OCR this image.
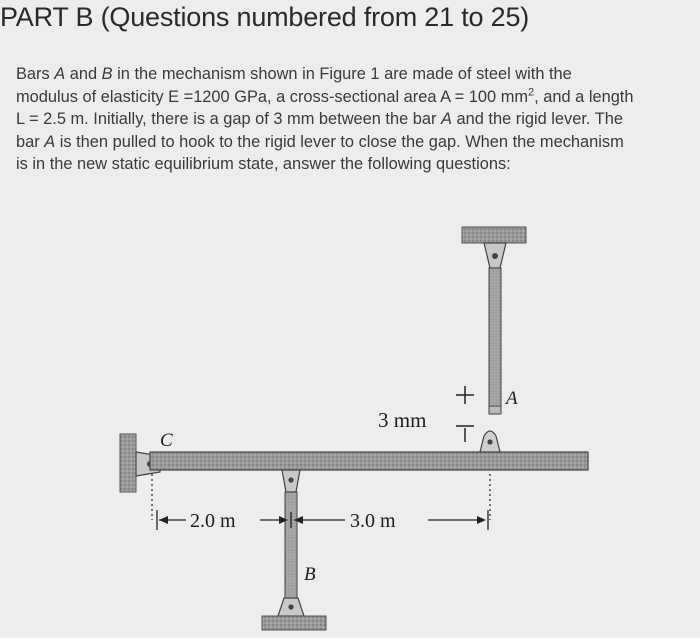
PART B (Questions numbered from 21 to 25)

Bars A and B in the mechanism shown in Figure 1 are made of steel with the

modulus of elasticity E =1200 GPa, a cross-sectional area A = 100 $mm^2$, and a length

L = 2.5 m. Initially, there is a gap of 3 mm between the bar A and the rigid lever. The

bar A is then pulled to hook to the rigid lever to close the gap. When the mechanism

is in the new static equilibrium state, answer the following questions:

3 mm
A
C
B
2.0 m	3.0 m
